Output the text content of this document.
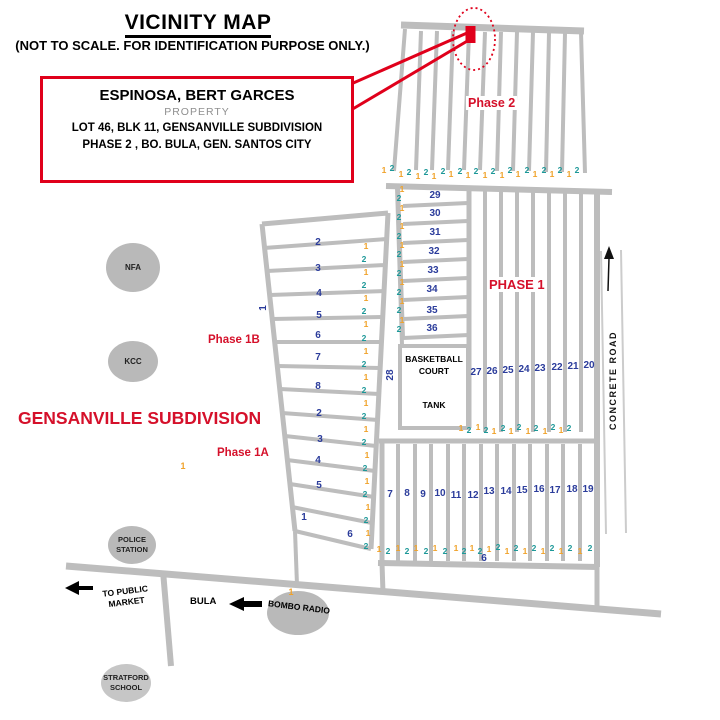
VICINITY MAP
(NOT TO SCALE. FOR IDENTIFICATION PURPOSE ONLY.)
ESPINOSA, BERT GARCES
PROPERTY
LOT 46, BLK 11, GENSANVILLE SUBDIVISION
PHASE 2 , BO. BULA, GEN. SANTOS CITY
Phase 2
PHASE 1
Phase 1B
Phase 1A
GENSANVILLE SUBDIVISION
BASKETBALL COURT
TANK	CONCRETE ROAD
NFA
KCC
POLICE STATION
STRATFORD SCHOOL
TO PUBLIC MARKET	BULA	BOMBO RADIO
1 2
1 2 1 2 1 2 1 2 1 2 1 2 1 2 1 2 1 2 1 2 1 2
1
2
1
2
1
2
1
2
1
2
1
2
1
2
1
2
1
2
1
2
1
2
1
2
1
2
1
2
1
2
1
2
1
2
1
2
1
2
1
2
1 2 1 2 1 2 1 2 1 2 1 2 1 2
1 2 1 2 1 2 1 2 1 2 1 2 1 2 1 2 1 2 1 2 1 2 1 2
2
3
4
5
6
7
8
2
3
4
5
1
6
29
30
31
32
33
34
35
36
27 26 25 24 23 22 21 20
7 8 9 10 11 12 13 14 15 16 17 18 19
28
6
1
1
1
